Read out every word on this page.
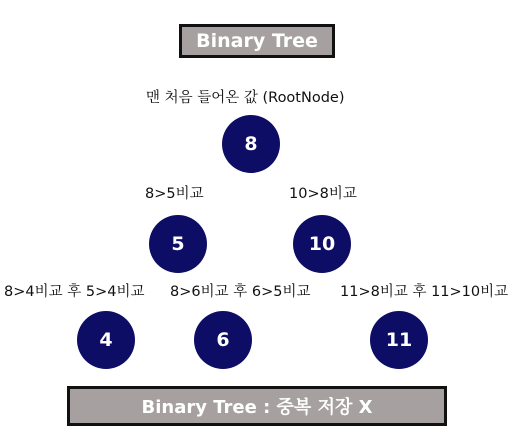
Binary Tree
맨 처음 들어온 값 (RootNode)
8
8>5비교	10>8비교
5	10
8>4비교 후 5>4비교 8>6비교 후 6>5비교 11>8비교 후 11>10비교
4	6	11
Binary Tree : 중복 저장 X
